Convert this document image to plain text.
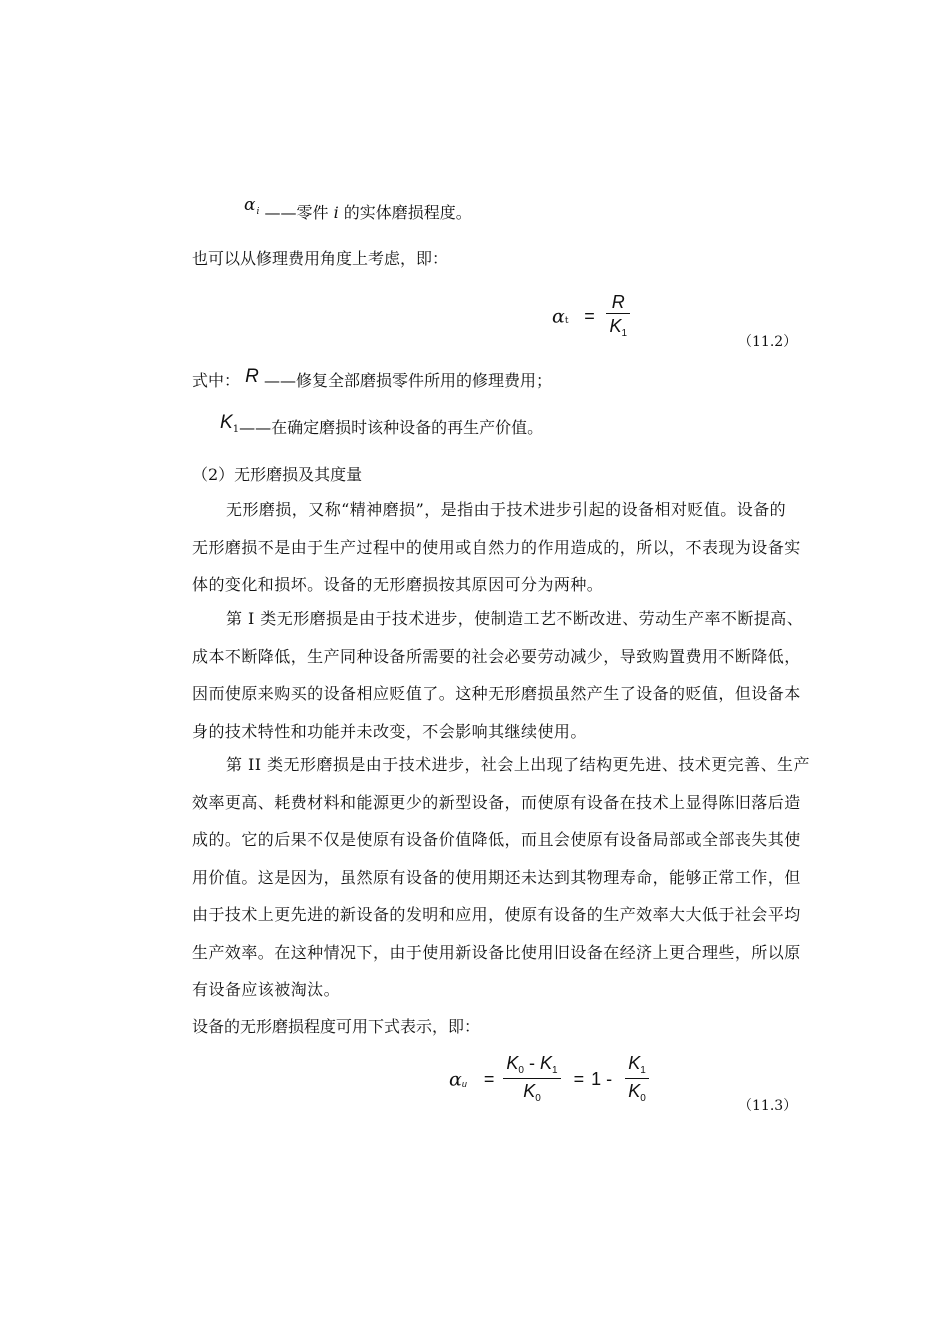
$\alpha^i$ ——零件 i 的实体磨损程度。
也可以从修理费用角度上考虑，即：
$\alpha_t = \frac{R}{K_1}$	（11.2）
式中： R ——修复全部磨损零件所用的修理费用；
K1——在确定磨损时该种设备的再生产价值。
（2）无形磨损及其度量
无形磨损，又称“精神磨损”，是指由于技术进步引起的设备相对贬值。设备的
无形磨损不是由于生产过程中的使用或自然力的作用造成的，所以，不表现为设备实
体的变化和损坏。设备的无形磨损按其原因可分为两种。
第 I 类无形磨损是由于技术进步，使制造工艺不断改进、劳动生产率不断提高、
成本不断降低，生产同种设备所需要的社会必要劳动减少，导致购置费用不断降低，
因而使原来购买的设备相应贬值了。这种无形磨损虽然产生了设备的贬值，但设备本
身的技术特性和功能并未改变，不会影响其继续使用。
第 II 类无形磨损是由于技术进步，社会上出现了结构更先进、技术更完善、生产
效率更高、耗费材料和能源更少的新型设备，而使原有设备在技术上显得陈旧落后造
成的。它的后果不仅是使原有设备价值降低，而且会使原有设备局部或全部丧失其使
用价值。这是因为，虽然原有设备的使用期还未达到其物理寿命，能够正常工作，但
由于技术上更先进的新设备的发明和应用，使原有设备的生产效率大大低于社会平均
生产效率。在这种情况下，由于使用新设备比使用旧设备在经济上更合理些，所以原
有设备应该被淘汰。
设备的无形磨损程度可用下式表示，即：
$\alpha_u = \frac{K_0 - K_1}{K_0} = 1 - \frac{K_1}{K_0}$	（11.3）
